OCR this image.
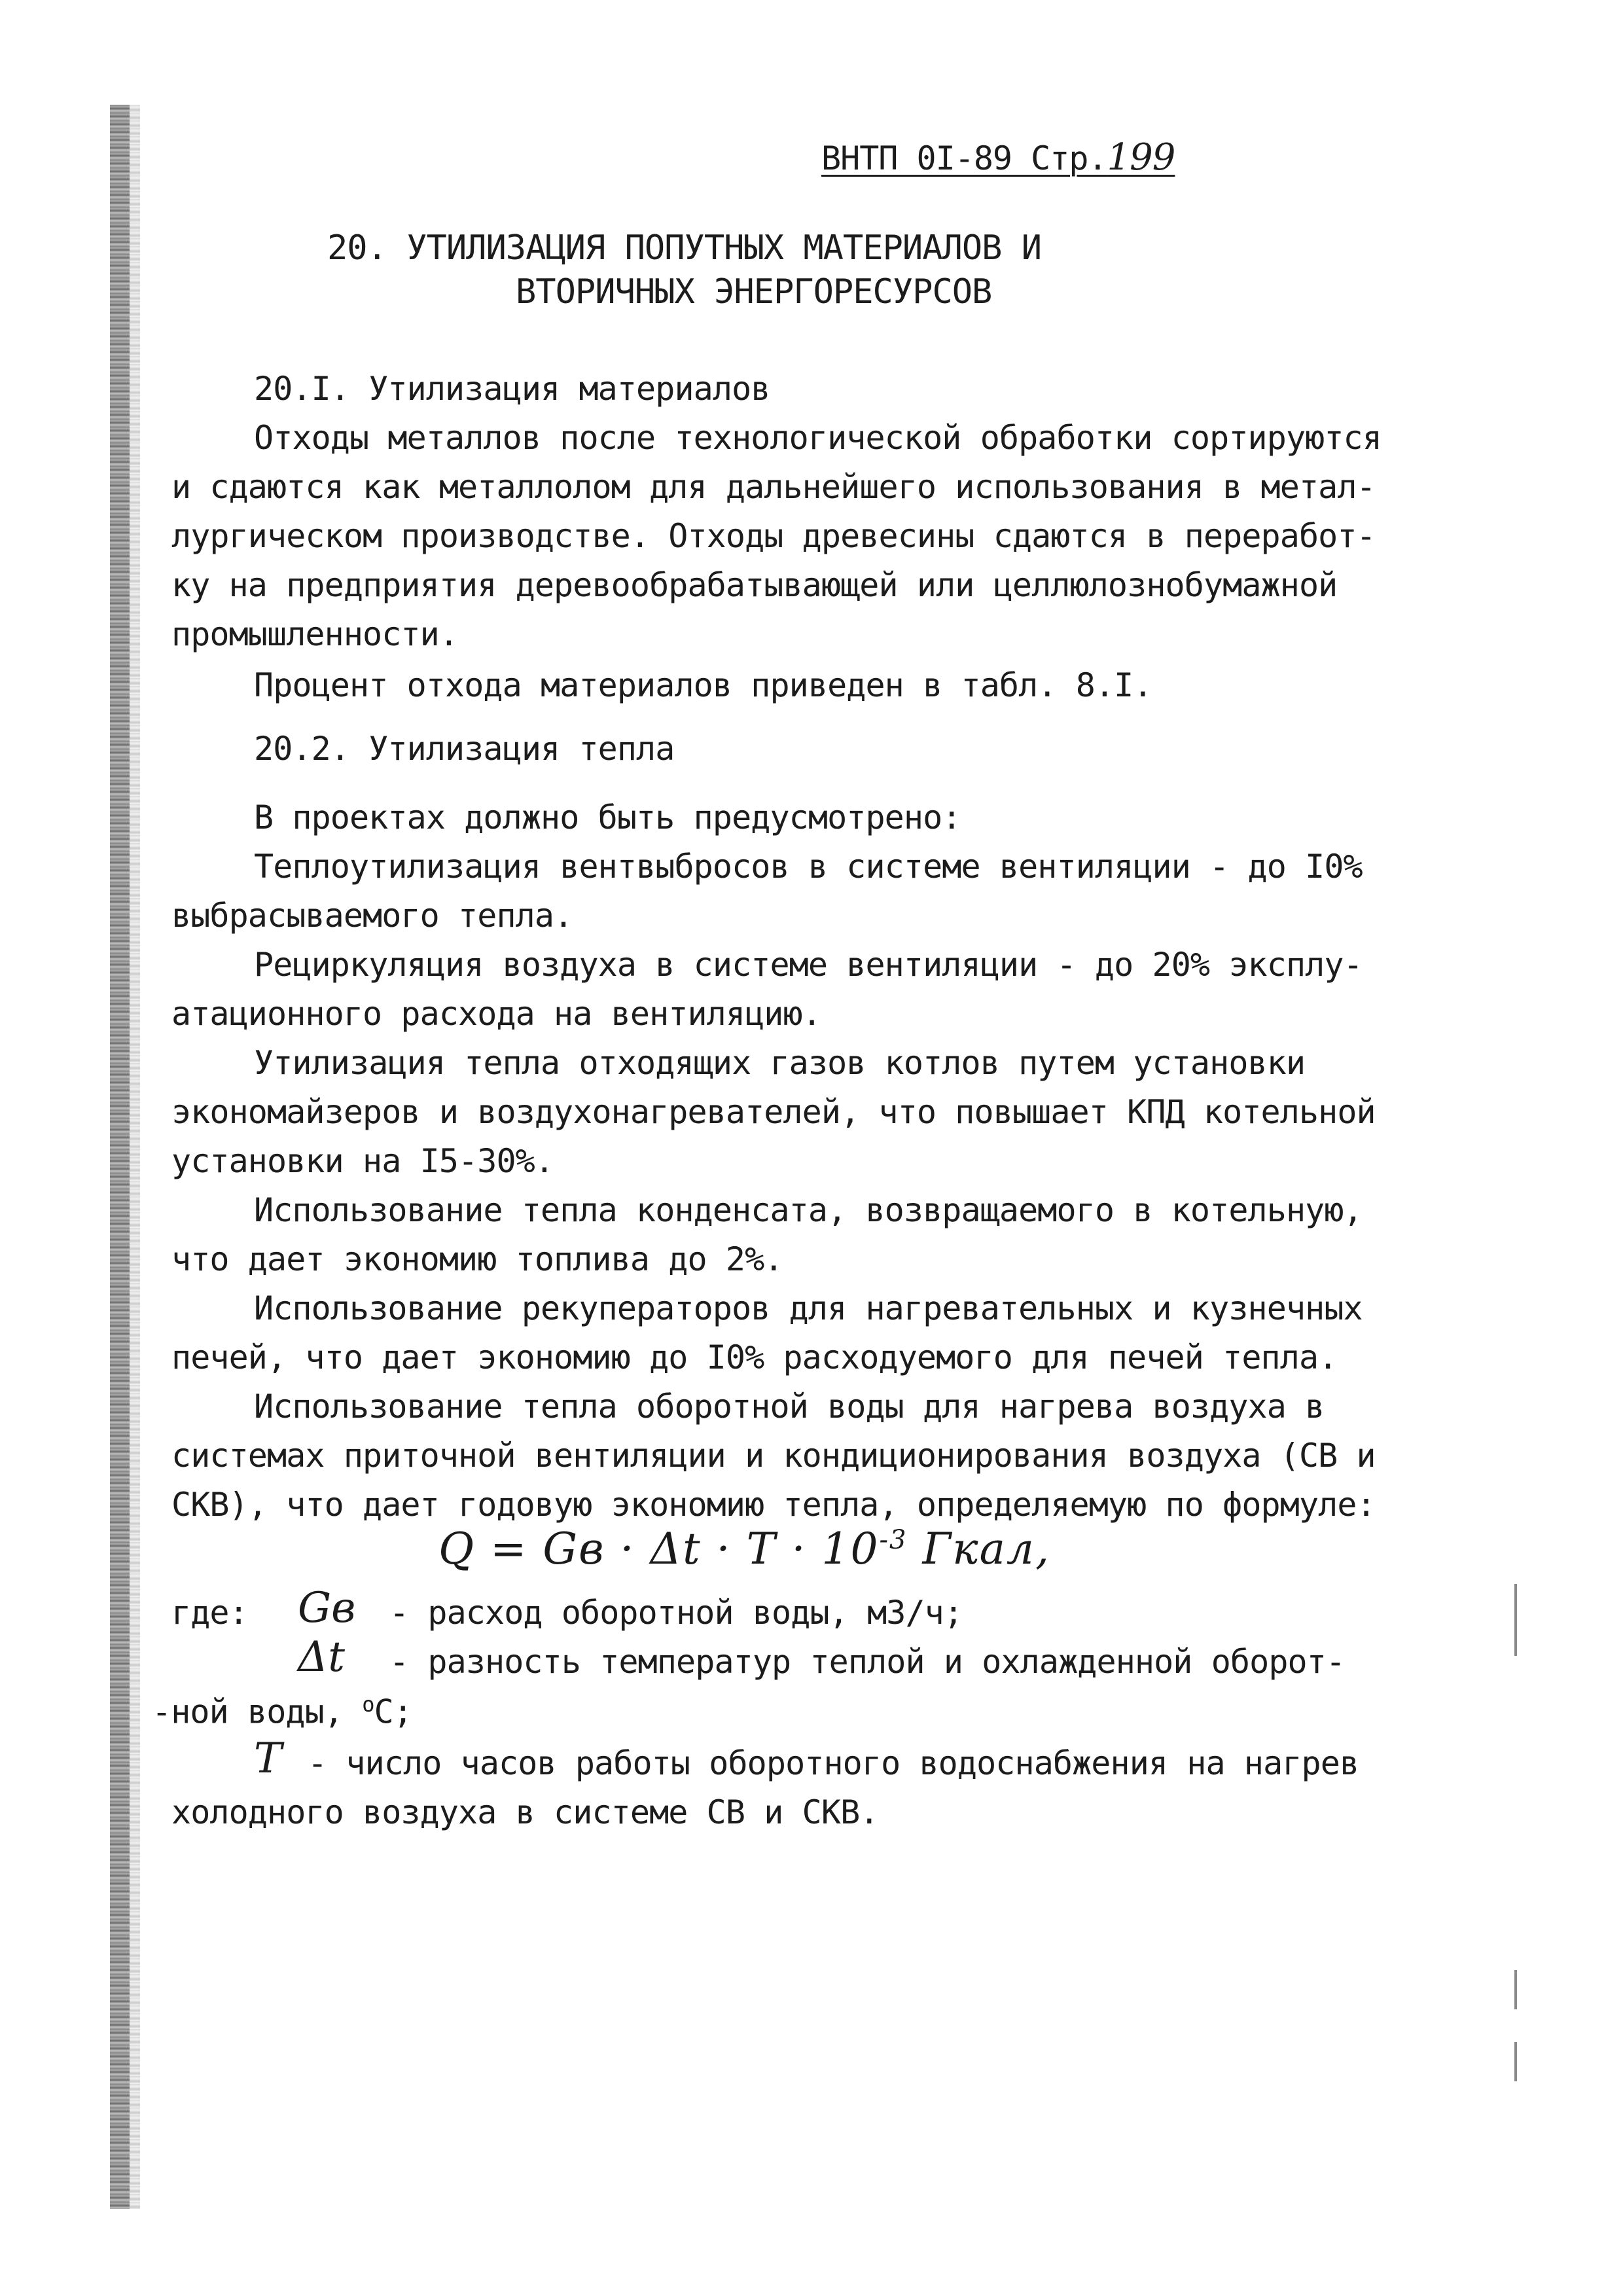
ВНТП 0I-89 Стр.199
20. УТИЛИЗАЦИЯ ПОПУТНЫХ МАТЕРИАЛОВ И
ВТОРИЧНЫХ ЭНЕРГОРЕСУРСОВ
20.I. Утилизация материалов
Отходы металлов после технологической обработки сортируются
и сдаются как металлолом для дальнейшего использования в метал-
лургическом производстве. Отходы древесины сдаются в переработ-
ку на предприятия деревообрабатывающей или целлюлознобумажной
промышленности.
Процент отхода материалов приведен в табл. 8.I.
20.2. Утилизация тепла
В проектах должно быть предусмотрено:
Теплоутилизация вентвыбросов в системе вентиляции - до I0%
выбрасываемого тепла.
Рециркуляция воздуха в системе вентиляции - до 20% эксплу-
атационного расхода на вентиляцию.
Утилизация тепла отходящих газов котлов путем установки
экономайзеров и воздухонагревателей, что повышает КПД котельной
установки на I5-30%.
Использование тепла конденсата, возвращаемого в котельную,
что дает экономию топлива до 2%.
Использование рекуператоров для нагревательных и кузнечных
печей, что дает экономию до I0% расходуемого для печей тепла.
Использование тепла оборотной воды для нагрева воздуха в
системах приточной вентиляции и кондиционирования воздуха (СВ и
СКВ), что дает годовую экономию тепла, определяемую по формуле:
Q = Gв · $\Delta t \cdot T \cdot 10^{-3}$ Гкал,
где: Gв - расход оборотной воды, м3/ч;
Δt - разность температур теплой и охлажденной оборот-
-ной воды, $^о$С;
T - число часов работы оборотного водоснабжения на нагрев
холодного воздуха в системе СВ и СКВ.
